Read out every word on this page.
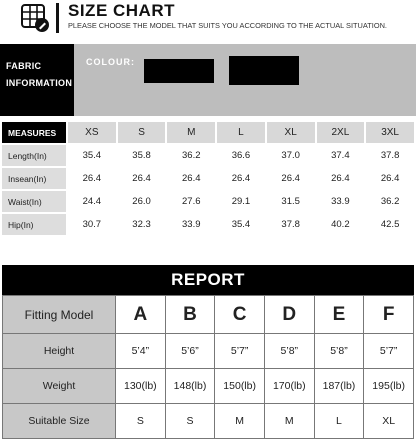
SIZE CHART
PLEASE CHOOSE THE MODEL THAT SUITS YOU ACCORDING TO THE ACTUAL SITUATION.
FABRIC
INFORMATION
COLOUR:
MEASURES	XS	S	M	L	XL	2XL	3XL
Length(In)	35.4	35.8	36.2	36.6	37.0	37.4	37.8
Insean(In)	26.4	26.4	26.4	26.4	26.4	26.4	26.4
Waist(In)	24.4	26.0	27.6	29.1	31.5	33.9	36.2
Hip(In)	30.7	32.3	33.9	35.4	37.8	40.2	42.5
REPORT
Fitting Model	A	B	C	D	E	F
Height	5’4”	5’6”	5’7”	5’8”	5’8”	5’7”
Weight	130(lb)	148(lb)	150(lb)	170(lb)	187(lb)	195(lb)
Suitable Size	S	S	M	M	L	XL
